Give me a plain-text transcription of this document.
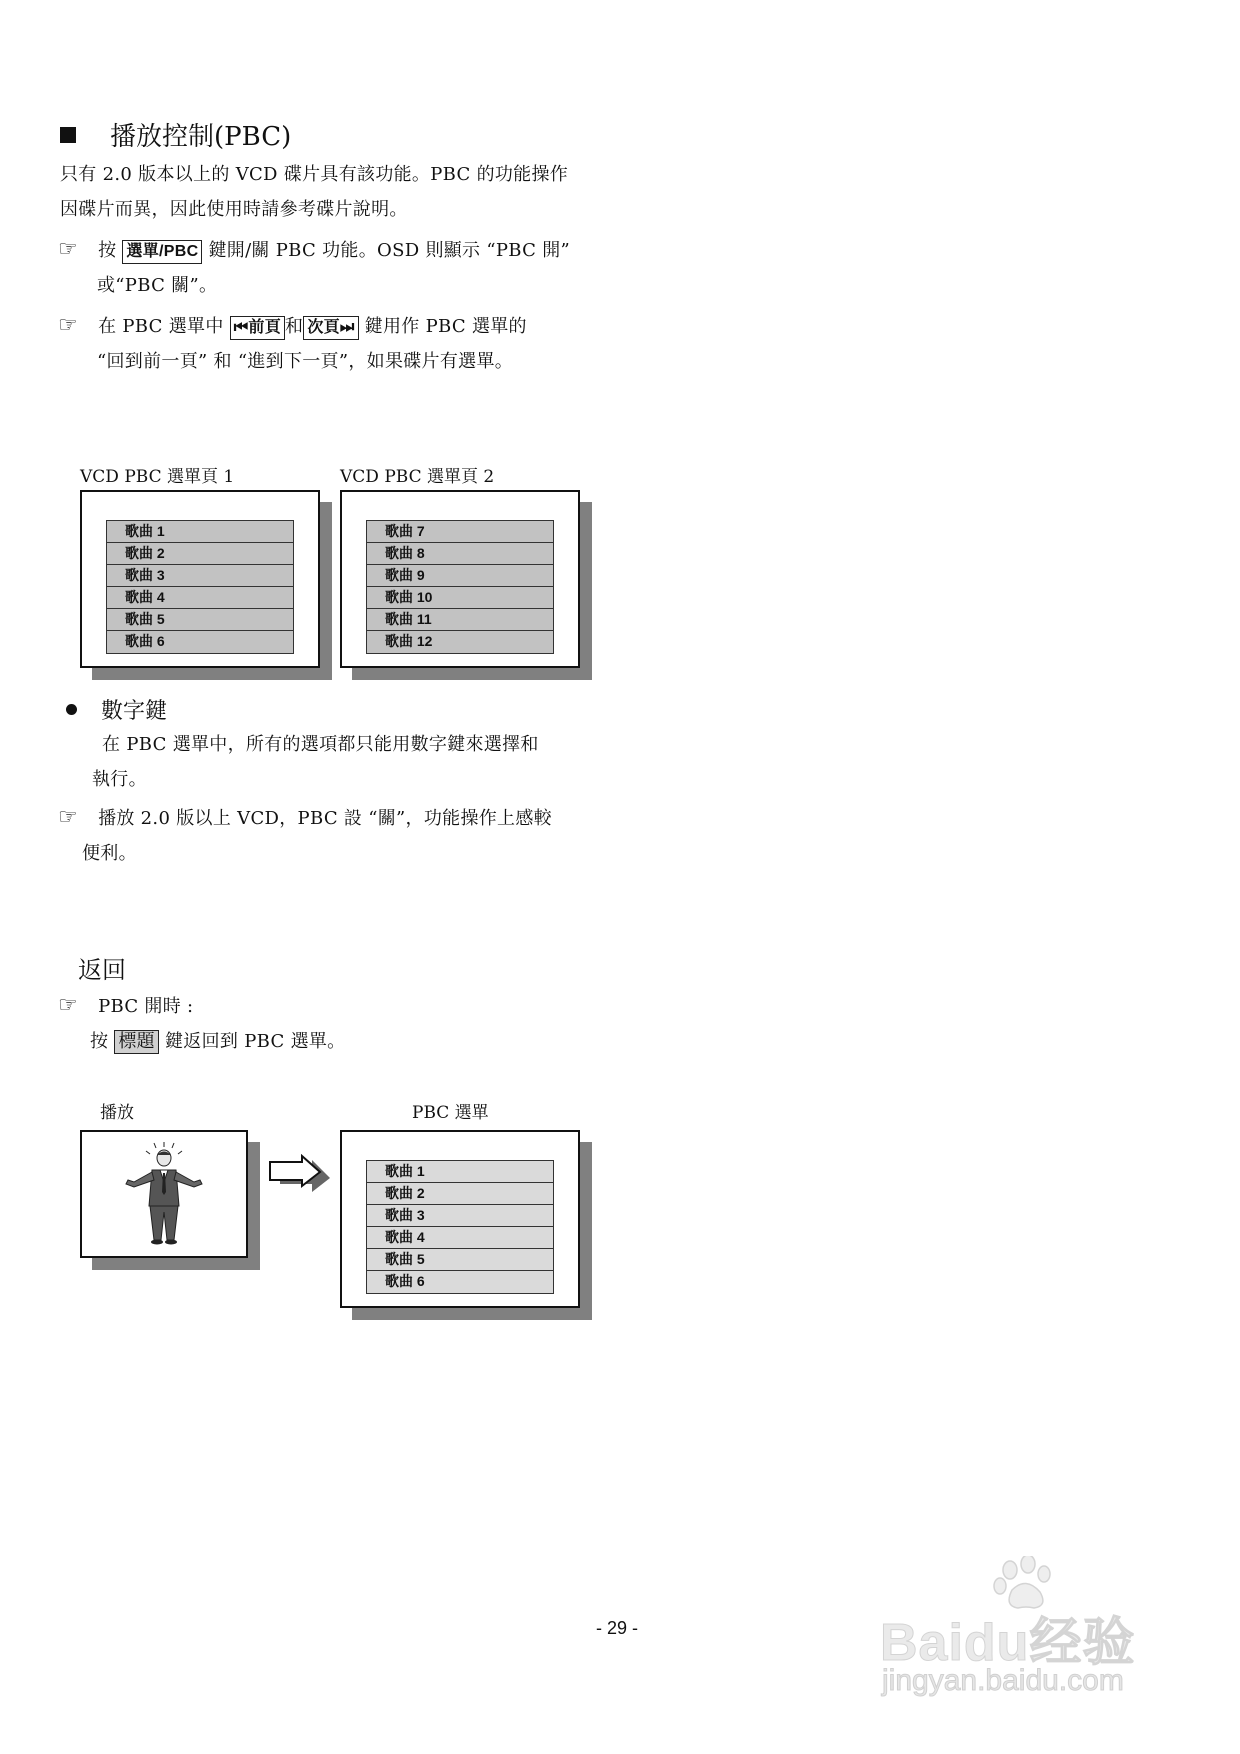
播放控制(PBC)
只有 2.0 版本以上的 VCD 碟片具有該功能。PBC 的功能操作
因碟片而異，因此使用時請參考碟片說明。
☞ 按 選單/PBC 鍵開/關 PBC 功能。OSD 則顯示 “PBC 開”
或“PBC 關”。
☞ 在 PBC 選單中 ⏮前頁 和 次頁⏭ 鍵用作 PBC 選單的
“回到前一頁” 和 “進到下一頁”，如果碟片有選單。
VCD PBC 選單頁 1	VCD PBC 選單頁 2
歌曲 1
歌曲 2
歌曲 3
歌曲 4
歌曲 5
歌曲 6
歌曲 7
歌曲 8
歌曲 9
歌曲 10
歌曲 11
歌曲 12
數字鍵
在 PBC 選單中，所有的選項都只能用數字鍵來選擇和
執行。
☞ 播放 2.0 版以上 VCD，PBC 設 “關”，功能操作上感較
便利。
返回
☞ PBC 開時 :
按 標題 鍵返回到 PBC 選單。
播放	PBC 選單
歌曲 1
歌曲 2
歌曲 3
歌曲 4
歌曲 5
歌曲 6
- 29 -	Baidu经验
jingyan.baidu.com
